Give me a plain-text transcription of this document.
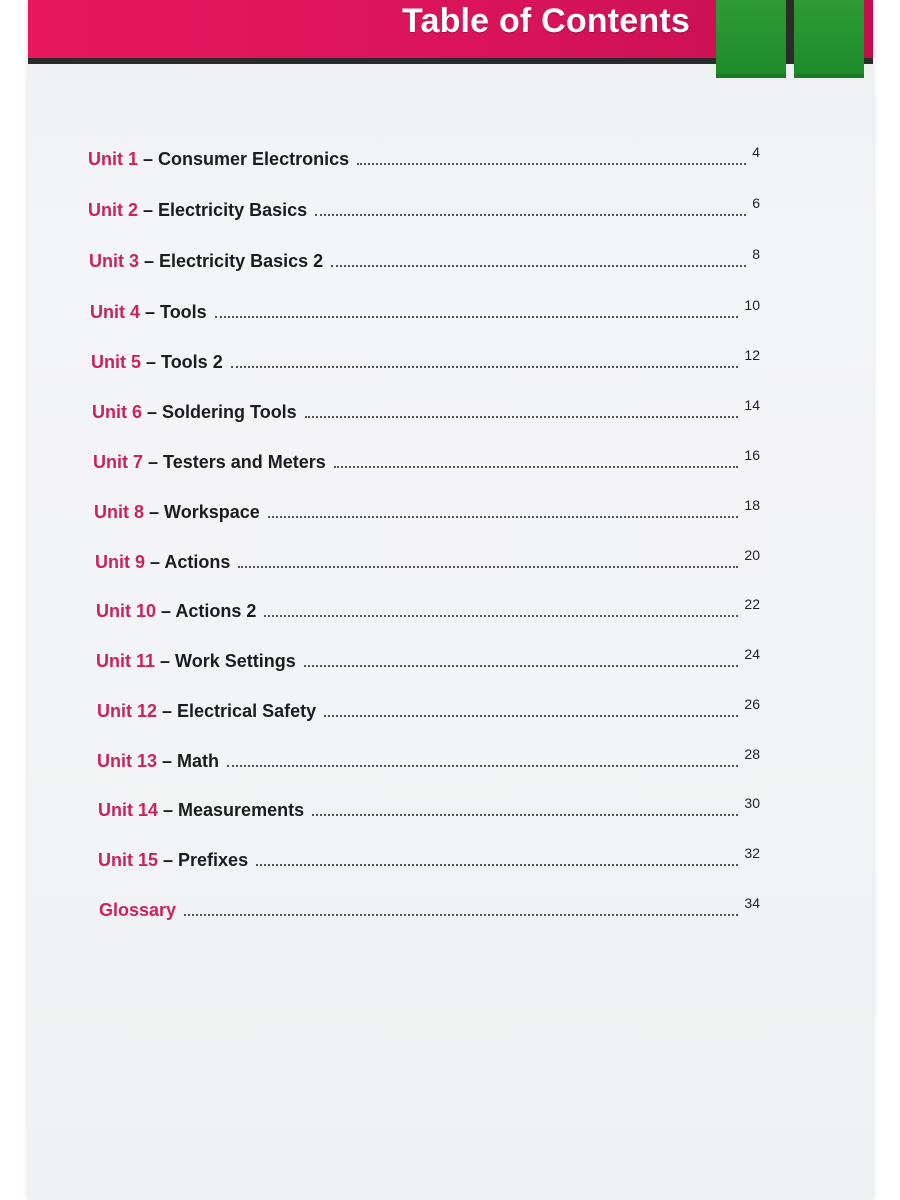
Table of Contents
Unit 1 – Consumer Electronics	4
Unit 2 – Electricity Basics	6
Unit 3 – Electricity Basics 2	8
Unit 4 – Tools	10
Unit 5 – Tools 2	12
Unit 6 – Soldering Tools	14
Unit 7 – Testers and Meters	16
Unit 8 – Workspace	18
Unit 9 – Actions	20
Unit 10 – Actions 2	22
Unit 11 – Work Settings	24
Unit 12 – Electrical Safety	26
Unit 13 – Math	28
Unit 14 – Measurements	30
Unit 15 – Prefixes	32
Glossary	34
